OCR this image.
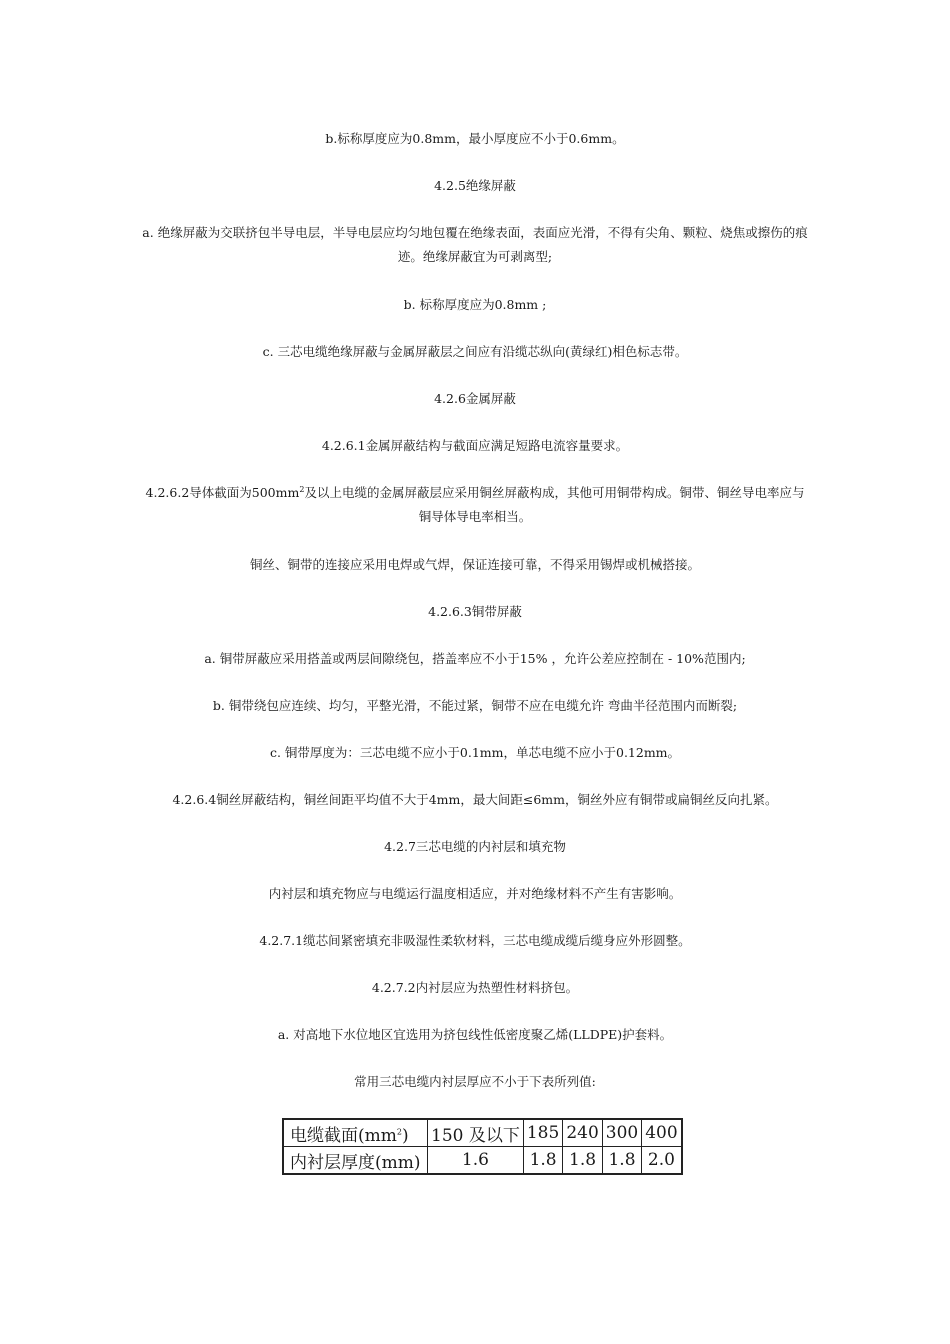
b.标称厚度应为0.8mm，最小厚度应不小于0.6mm。

4.2.5绝缘屏蔽

a. 绝缘屏蔽为交联挤包半导电层，半导电层应均匀地包覆在绝缘表面，表面应光滑，不得有尖角、颗粒、烧焦或擦伤的痕迹。绝缘屏蔽宜为可剥离型;

b. 标称厚度应为0.8mm ;

c. 三芯电缆绝缘屏蔽与金属屏蔽层之间应有沿缆芯纵向(黄绿红)相色标志带。

4.2.6金属屏蔽

4.2.6.1金属屏蔽结构与截面应满足短路电流容量要求。

4.2.6.2导体截面为$500mm^2$及以上电缆的金属屏蔽层应采用铜丝屏蔽构成，其他可用铜带构成。铜带、铜丝导电率应与铜导体导电率相当。

铜丝、铜带的连接应采用电焊或气焊，保证连接可靠，不得采用锡焊或机械搭接。

4.2.6.3铜带屏蔽

a. 铜带屏蔽应采用搭盖或两层间隙绕包，搭盖率应不小于15% ，允许公差应控制在 - 10%范围内;

b. 铜带绕包应连续、均匀，平整光滑，不能过紧，铜带不应在电缆允许 弯曲半径范围内而断裂;

c. 铜带厚度为：三芯电缆不应小于0.1mm，单芯电缆不应小于0.12mm。

4.2.6.4铜丝屏蔽结构，铜丝间距平均值不大于4mm，最大间距≤6mm，铜丝外应有铜带或扁铜丝反向扎紧。

4.2.7三芯电缆的内衬层和填充物

内衬层和填充物应与电缆运行温度相适应，并对绝缘材料不产生有害影响。

4.2.7.1缆芯间紧密填充非吸湿性柔软材料，三芯电缆成缆后缆身应外形圆整。

4.2.7.2内衬层应为热塑性材料挤包。

a. 对高地下水位地区宜选用为挤包线性低密度聚乙烯(LLDPE)护套料。

常用三芯电缆内衬层厚应不小于下表所列值:

电缆截面$(mm^2)$	150 及以下	185	240	300	400
内衬层厚度(mm)	1.6	1.8	1.8	1.8	2.0
